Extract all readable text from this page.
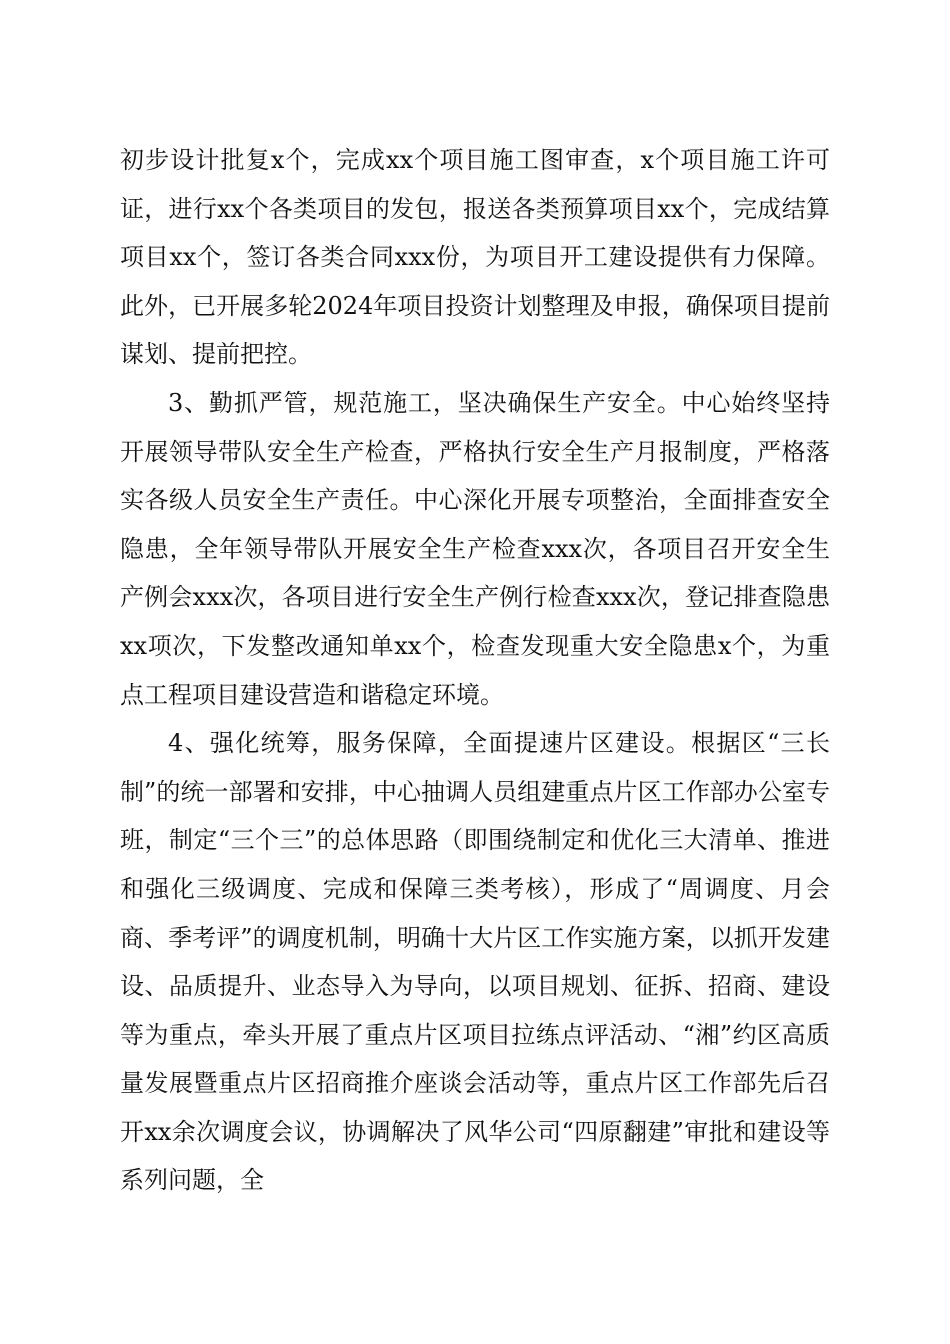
初步设计批复x个，完成xx个项目施工图审查，x个项目施工许可证，进行xx个各类项目的发包，报送各类预算项目xx个，完成结算项目xx个，签订各类合同xxx份，为项目开工建设提供有力保障。此外，已开展多轮2024年项目投资计划整理及申报，确保项目提前谋划、提前把控。

3、勤抓严管，规范施工，坚决确保生产安全。中心始终坚持开展领导带队安全生产检查，严格执行安全生产月报制度，严格落实各级人员安全生产责任。中心深化开展专项整治，全面排查安全隐患，全年领导带队开展安全生产检查xxx次，各项目召开安全生产例会xxx次，各项目进行安全生产例行检查xxx次，登记排查隐患xx项次，下发整改通知单xx个，检查发现重大安全隐患x个，为重点工程项目建设营造和谐稳定环境。

4、强化统筹，服务保障，全面提速片区建设。根据区“三长制”的统一部署和安排，中心抽调人员组建重点片区工作部办公室专班，制定“三个三”的总体思路（即围绕制定和优化三大清单、推进和强化三级调度、完成和保障三类考核），形成了“周调度、月会商、季考评”的调度机制，明确十大片区工作实施方案，以抓开发建设、品质提升、业态导入为导向，以项目规划、征拆、招商、建设等为重点，牵头开展了重点片区项目拉练点评活动、“湘”约区高质量发展暨重点片区招商推介座谈会活动等，重点片区工作部先后召开xx余次调度会议，协调解决了风华公司“四原翻建”审批和建设等系列问题，全
